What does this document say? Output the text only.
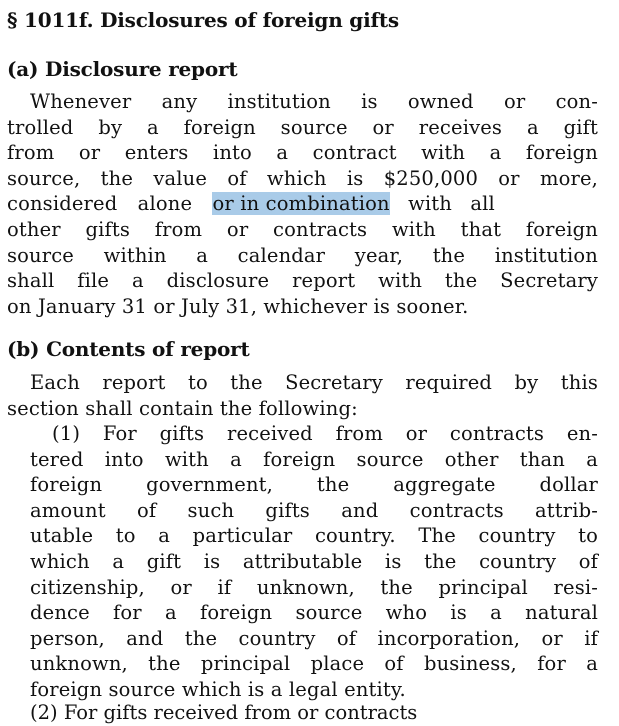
§ 1011f. Disclosures of foreign gifts
(a) Disclosure report
Whenever any institution is owned or con-
trolled by a foreign source or receives a gift
from or enters into a contract with a foreign
source, the value of which is $250,000 or more,
considered alone or in combination with all
other gifts from or contracts with that foreign
source within a calendar year, the institution
shall file a disclosure report with the Secretary
on January 31 or July 31, whichever is sooner.
(b) Contents of report
Each report to the Secretary required by this
section shall contain the following:
(1) For gifts received from or contracts en-
tered into with a foreign source other than a
foreign government, the aggregate dollar
amount of such gifts and contracts attrib-
utable to a particular country. The country to
which a gift is attributable is the country of
citizenship, or if unknown, the principal resi-
dence for a foreign source who is a natural
person, and the country of incorporation, or if
unknown, the principal place of business, for a
foreign source which is a legal entity.

(2) For gifts received from or contracts
